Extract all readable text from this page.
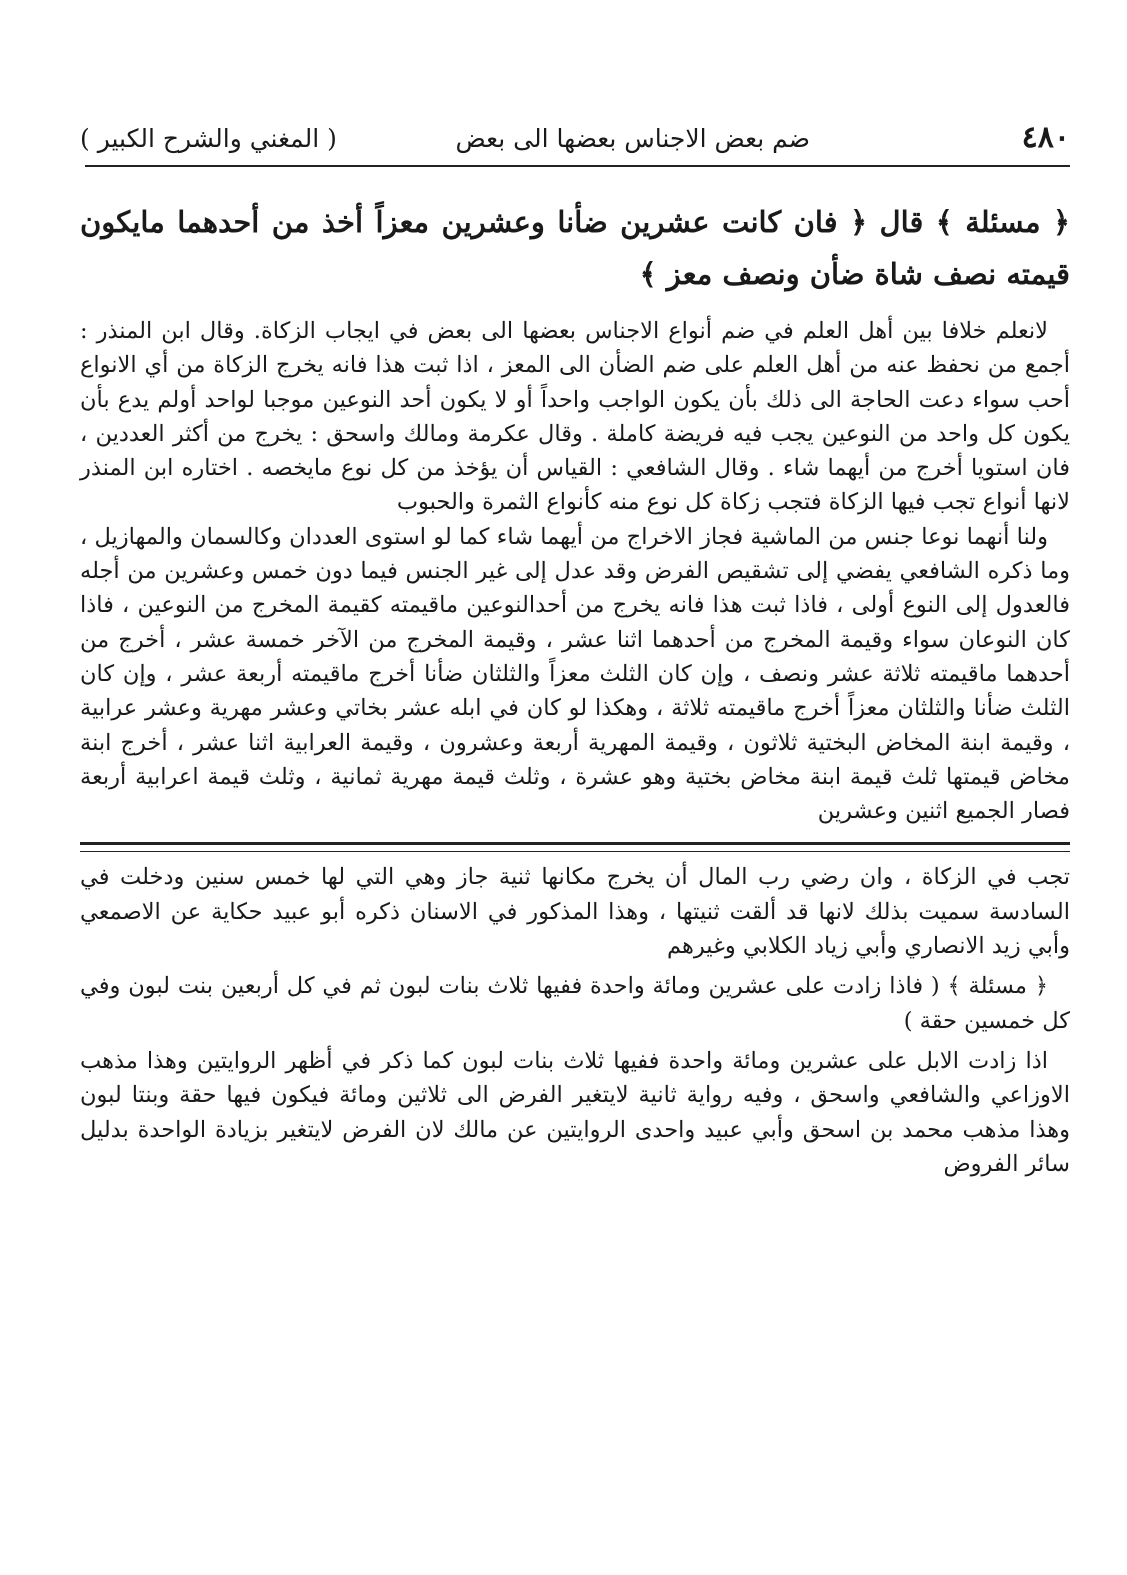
٤٨٠
ضم بعض الاجناس بعضها الى بعض
( المغني والشرح الكبير )
﴿ مسئلة ﴾ قال ﴿ فان كانت عشرين ضأنا وعشرين معزاً أخذ من أحدهما مايكون قيمته نصف شاة ضأن ونصف معز ﴾

لانعلم خلافا بين أهل العلم في ضم أنواع الاجناس بعضها الى بعض في ايجاب الزكاة. وقال ابن المنذر : أجمع من نحفظ عنه من أهل العلم على ضم الضأن الى المعز ، اذا ثبت هذا فانه يخرج الزكاة من أي الانواع أحب سواء دعت الحاجة الى ذلك بأن يكون الواجب واحداً أو لا يكون أحد النوعين موجبا لواحد أولم يدع بأن يكون كل واحد من النوعين يجب فيه فريضة كاملة . وقال عكرمة ومالك واسحق : يخرج من أكثر العددين ، فان استويا أخرج من أيهما شاء . وقال الشافعي : القياس أن يؤخذ من كل نوع مايخصه . اختاره ابن المنذر لانها أنواع تجب فيها الزكاة فتجب زكاة كل نوع منه كأنواع الثمرة والحبوب

ولنا أنهما نوعا جنس من الماشية فجاز الاخراج من أيهما شاء كما لو استوى العددان وكالسمان والمهازيل ، وما ذكره الشافعي يفضي إلى تشقيص الفرض وقد عدل إلى غير الجنس فيما دون خمس وعشرين من أجله فالعدول إلى النوع أولى ، فاذا ثبت هذا فانه يخرج من أحدالنوعين ماقيمته كقيمة المخرج من النوعين ، فاذا كان النوعان سواء وقيمة المخرج من أحدهما اثنا عشر ، وقيمة المخرج من الآخر خمسة عشر ، أخرج من أحدهما ماقيمته ثلاثة عشر ونصف ، وإن كان الثلث معزاً والثلثان ضأنا أخرج ماقيمته أربعة عشر ، وإن كان الثلث ضأنا والثلثان معزاً أخرج ماقيمته ثلاثة ، وهكذا لو كان في ابله عشر بخاتي وعشر مهرية وعشر عرابية ، وقيمة ابنة المخاض البختية ثلاثون ، وقيمة المهرية أربعة وعشرون ، وقيمة العرابية اثنا عشر ، أخرج ابنة مخاض قيمتها ثلث قيمة ابنة مخاض بختية وهو عشرة ، وثلث قيمة مهرية ثمانية ، وثلث قيمة اعرابية أربعة فصار الجميع اثنين وعشرين

تجب في الزكاة ، وان رضي رب المال أن يخرج مكانها ثنية جاز وهي التي لها خمس سنين ودخلت في السادسة سميت بذلك لانها قد ألقت ثنيتها ، وهذا المذكور في الاسنان ذكره أبو عبيد حكاية عن الاصمعي وأبي زيد الانصاري وأبي زياد الكلابي وغيرهم

﴿ مسئلة ﴾ ( فاذا زادت على عشرين ومائة واحدة ففيها ثلاث بنات لبون ثم في كل أربعين بنت لبون وفي كل خمسين حقة )

اذا زادت الابل على عشرين ومائة واحدة ففيها ثلاث بنات لبون كما ذكر في أظهر الروايتين وهذا مذهب الاوزاعي والشافعي واسحق ، وفيه رواية ثانية لايتغير الفرض الى ثلاثين ومائة فيكون فيها حقة وبنتا لبون وهذا مذهب محمد بن اسحق وأبي عبيد واحدى الروايتين عن مالك لان الفرض لايتغير بزيادة الواحدة بدليل سائر الفروض
